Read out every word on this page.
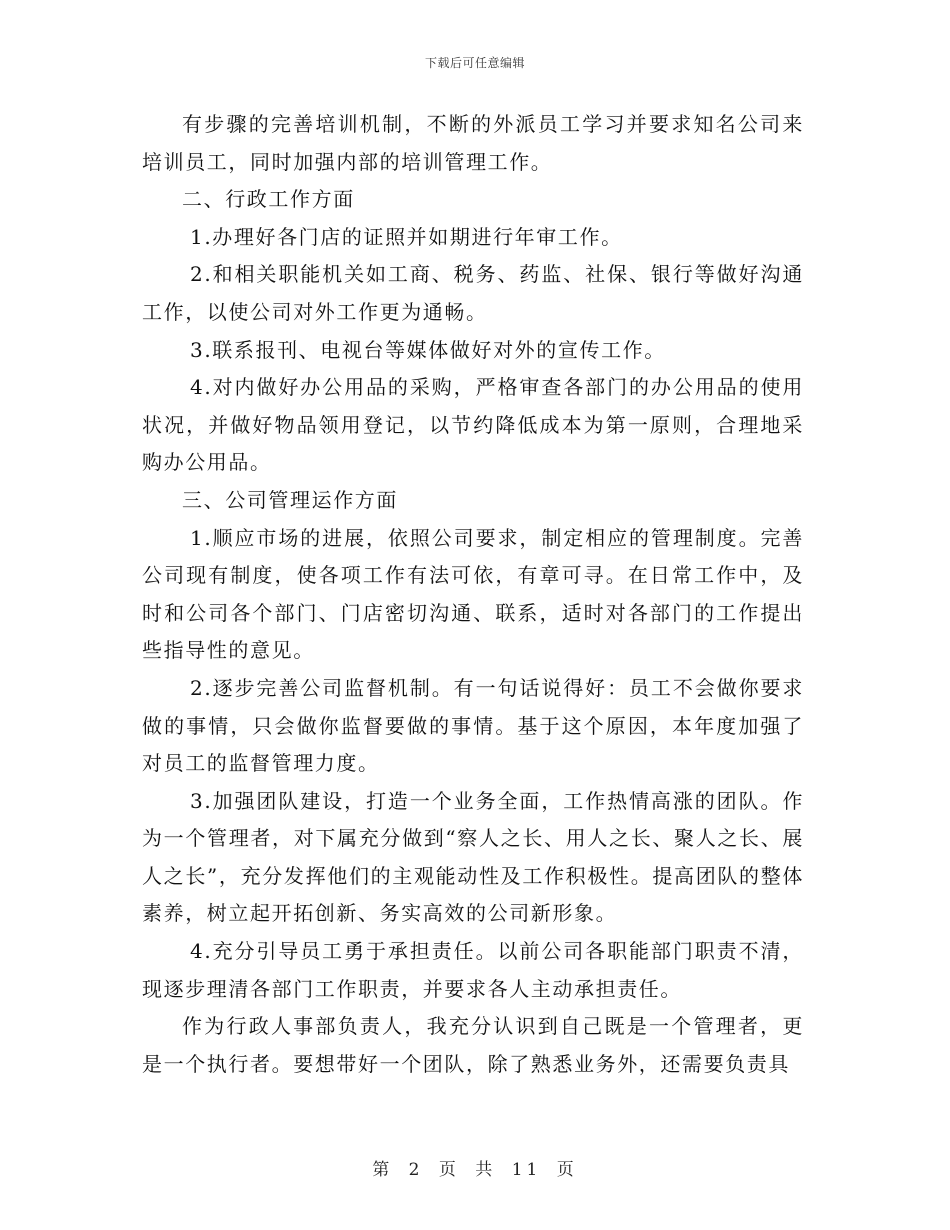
下载后可任意编辑

有步骤的完善培训机制，不断的外派员工学习并要求知名公司来培训员工，同时加强内部的培训管理工作。

二、行政工作方面

1.办理好各门店的证照并如期进行年审工作。

2.和相关职能机关如工商、税务、药监、社保、银行等做好沟通工作，以使公司对外工作更为通畅。

3.联系报刊、电视台等媒体做好对外的宣传工作。

4.对内做好办公用品的采购，严格审查各部门的办公用品的使用状况，并做好物品领用登记，以节约降低成本为第一原则，合理地采购办公用品。

三、公司管理运作方面

1.顺应市场的进展，依照公司要求，制定相应的管理制度。完善公司现有制度，使各项工作有法可依，有章可寻。在日常工作中，及时和公司各个部门、门店密切沟通、联系，适时对各部门的工作提出些指导性的意见。

2.逐步完善公司监督机制。有一句话说得好：员工不会做你要求做的事情，只会做你监督要做的事情。基于这个原因，本年度加强了对员工的监督管理力度。

3.加强团队建设，打造一个业务全面，工作热情高涨的团队。作为一个管理者，对下属充分做到“察人之长、用人之长、聚人之长、展人之长”，充分发挥他们的主观能动性及工作积极性。提高团队的整体素养，树立起开拓创新、务实高效的公司新形象。

4.充分引导员工勇于承担责任。以前公司各职能部门职责不清，现逐步理清各部门工作职责，并要求各人主动承担责任。

作为行政人事部负责人，我充分认识到自己既是一个管理者，更是一个执行者。要想带好一个团队，除了熟悉业务外，还需要负责具

第 2 页 共 11 页
